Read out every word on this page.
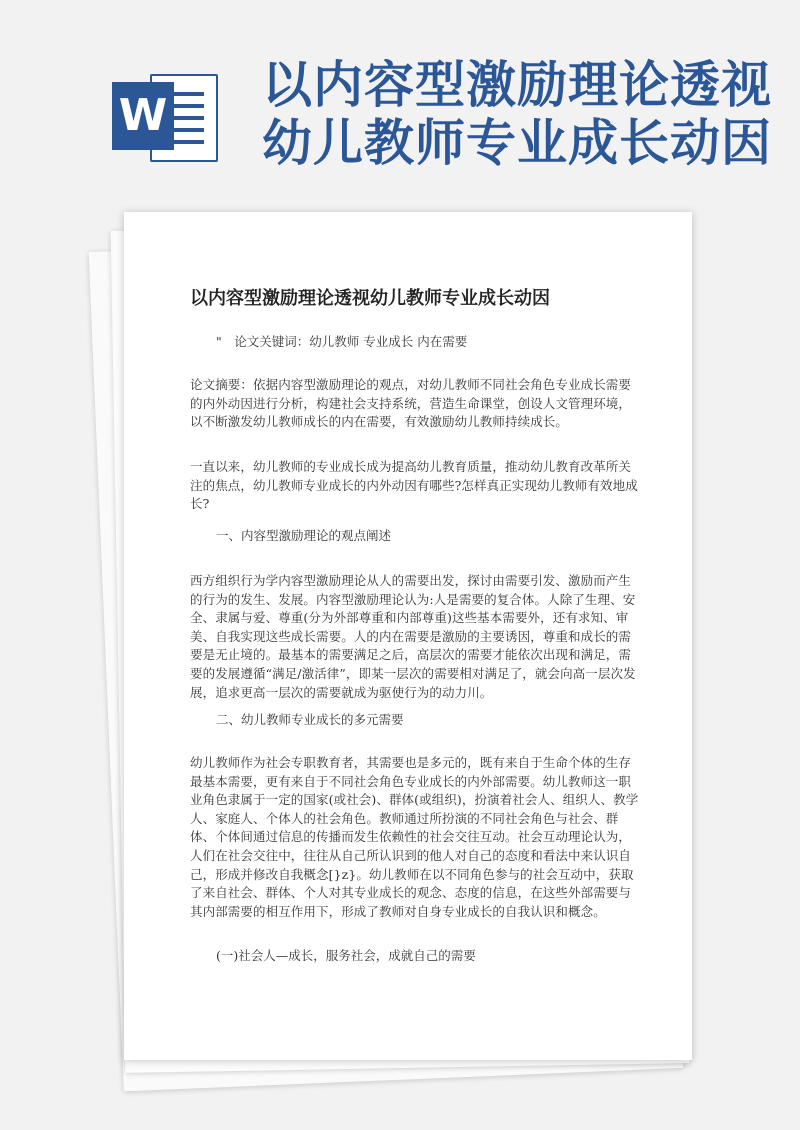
W
以内容型激励理论透视
幼儿教师专业成长动因
以内容型激励理论透视幼儿教师专业成长动因
"　论文关键词：幼儿教师 专业成长 内在需要
论文摘要：依据内容型激励理论的观点，对幼儿教师不同社会角色专业成长需要的内外动因进行分析，构建社会支持系统，营造生命课堂，创设人文管理环境，以不断激发幼儿教师成长的内在需要，有效激励幼儿教师持续成长。
一直以来，幼儿教师的专业成长成为提高幼儿教育质量，推动幼儿教育改革所关注的焦点，幼儿教师专业成长的内外动因有哪些?怎样真正实现幼儿教师有效地成长?
一、内容型激励理论的观点阐述
西方组织行为学内容型激励理论从人的需要出发，探讨由需要引发、激励而产生的行为的发生、发展。内容型激励理论认为:人是需要的复合体。人除了生理、安全、隶属与爱、尊重(分为外部尊重和内部尊重)这些基本需要外，还有求知、审美、自我实现这些成长需要。人的内在需要是激励的主要诱因，尊重和成长的需要是无止境的。最基本的需要满足之后，高层次的需要才能依次出现和满足，需要的发展遵循“满足/激活律”，即某一层次的需要相对满足了，就会向高一层次发展，追求更高一层次的需要就成为驱使行为的动力川。
二、幼儿教师专业成长的多元需要
幼儿教师作为社会专职教育者，其需要也是多元的，既有来自于生命个体的生存最基本需要，更有来自于不同社会角色专业成长的内外部需要。幼儿教师这一职业角色隶属于一定的国家(或社会)、群体(或组织)，扮演着社会人、组织人、教学人、家庭人、个体人的社会角色。教师通过所扮演的不同社会角色与社会、群体、个体间通过信息的传播而发生依赖性的社会交往互动。社会互动理论认为，人们在社会交往中，往往从自己所认识到的他人对自己的态度和看法中来认识自己，形成并修改自我概念[}z}。幼儿教师在以不同角色参与的社会互动中，获取了来自社会、群体、个人对其专业成长的观念、态度的信息，在这些外部需要与其内部需要的相互作用下，形成了教师对自身专业成长的自我认识和概念。
(一)社会人—成长，服务社会，成就自己的需要
